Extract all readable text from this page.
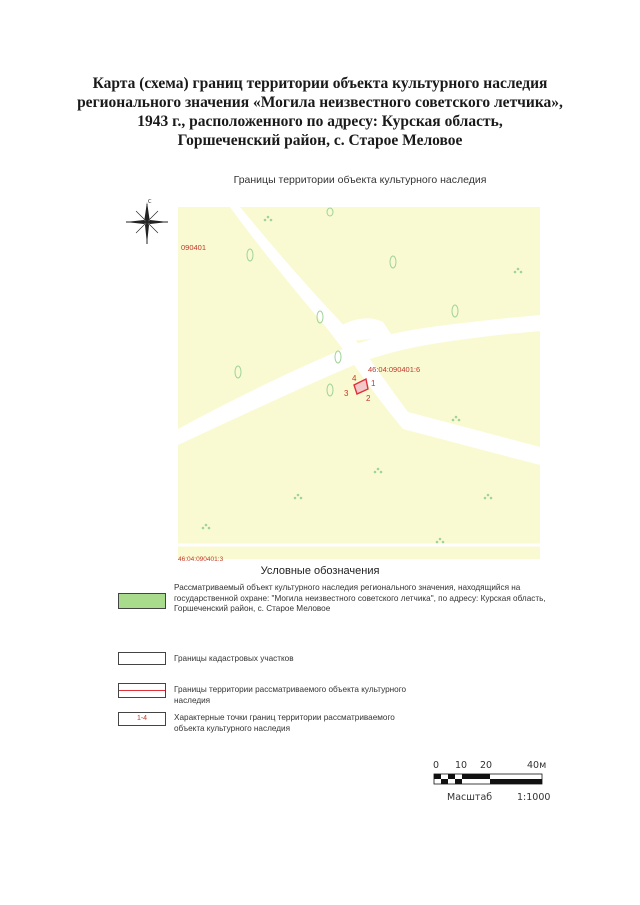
Карта (схема) границ территории объекта культурного наследия
регионального значения «Могила неизвестного советского летчика»,
1943 г., расположенного по адресу: Курская область,
Горшеченский район, с. Старое Меловое
Границы территории объекта культурного наследия
С
090401
46:04:090401:6
46:04:090401:3
4
1
3
2
Условные обозначения
Рассматриваемый объект культурного наследия регионального значения, находящийся на государственной охране: "Могила неизвестного советского летчика", по адресу: Курская область, Горшеченский район, с. Старое Меловое
Границы кадастровых участков
Границы территории рассматриваемого объекта культурного наследия
1-4	Характерные точки границ территории рассматриваемого объекта культурного наследия
0 10 20	40м
Масштаб	1:1000
